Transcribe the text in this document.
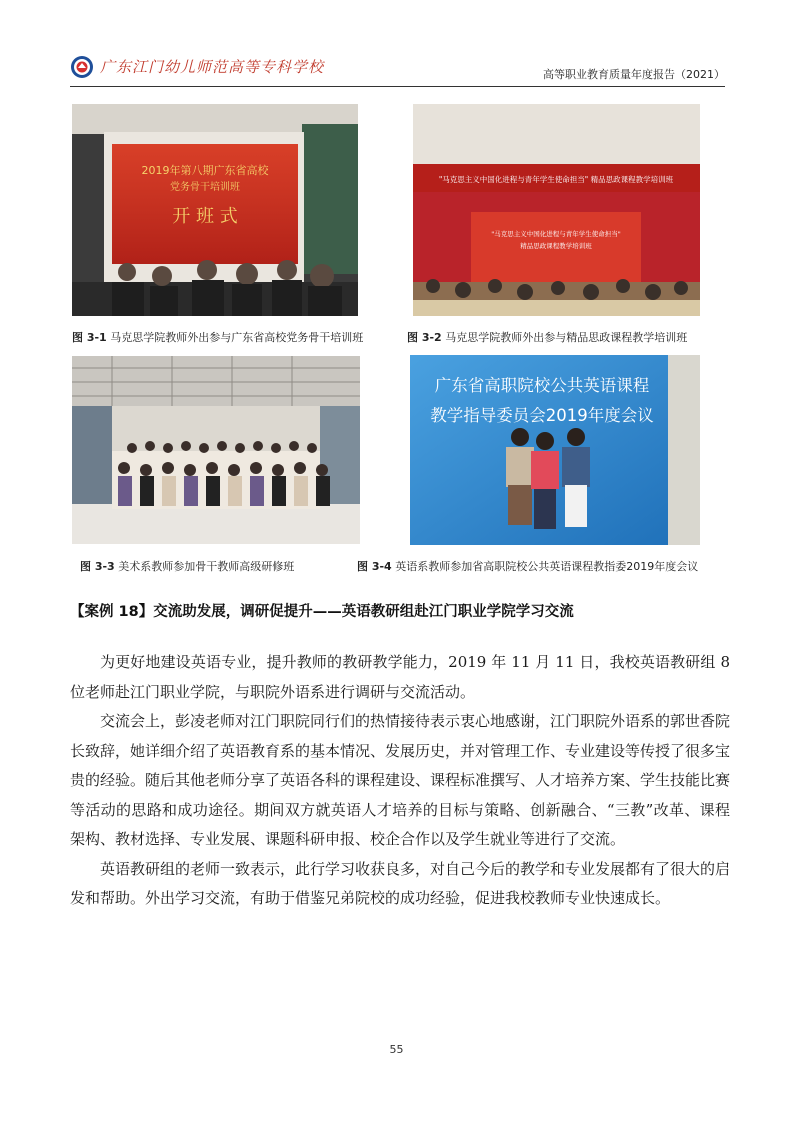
广东江门幼儿师范高等专科学校	高等职业教育质量年度报告（2021）
2019年第八期广东省高校
党务骨干培训班
开 班 式
图 3-1 马克思学院教师外出参与广东省高校党务骨干培训班
"马克思主义中国化进程与青年学生使命担当" 精品思政课程教学培训班
"马克思主义中国化进程与青年学生使命担当"
精品思政课程教学培训班
图 3-2 马克思学院教师外出参与精品思政课程教学培训班
图 3-3 美术系教师参加骨干教师高级研修班
广东省高职院校公共英语课程
教学指导委员会2019年度会议
图 3-4 英语系教师参加省高职院校公共英语课程教指委2019年度会议
【案例 18】交流助发展，调研促提升——英语教研组赴江门职业学院学习交流

为更好地建设英语专业，提升教师的教研教学能力，2019 年 11 月 11 日，我校英语教研组 8 位老师赴江门职业学院，与职院外语系进行调研与交流活动。

交流会上，彭凌老师对江门职院同行们的热情接待表示衷心地感谢，江门职院外语系的郭世香院长致辞，她详细介绍了英语教育系的基本情况、发展历史，并对管理工作、专业建设等传授了很多宝贵的经验。随后其他老师分享了英语各科的课程建设、课程标准撰写、人才培养方案、学生技能比赛等活动的思路和成功途径。期间双方就英语人才培养的目标与策略、创新融合、“三教”改革、课程架构、教材选择、专业发展、课题科研申报、校企合作以及学生就业等进行了交流。

英语教研组的老师一致表示，此行学习收获良多，对自己今后的教学和专业发展都有了很大的启发和帮助。外出学习交流，有助于借鉴兄弟院校的成功经验，促进我校教师专业快速成长。

55
